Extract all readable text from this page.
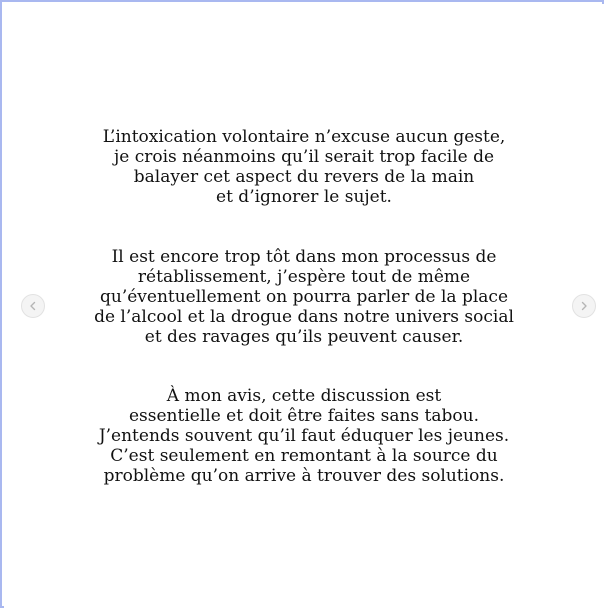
L’intoxication volontaire n’excuse aucun geste,
je crois néanmoins qu’il serait trop facile de
balayer cet aspect du revers de la main
et d’ignorer le sujet.

Il est encore trop tôt dans mon processus de
rétablissement, j’espère tout de même
qu’éventuellement on pourra parler de la place
de l’alcool et la drogue dans notre univers social
et des ravages qu’ils peuvent causer.

À mon avis, cette discussion est
essentielle et doit être faites sans tabou.
J’entends souvent qu’il faut éduquer les jeunes.
C’est seulement en remontant à la source du
problème qu’on arrive à trouver des solutions.
